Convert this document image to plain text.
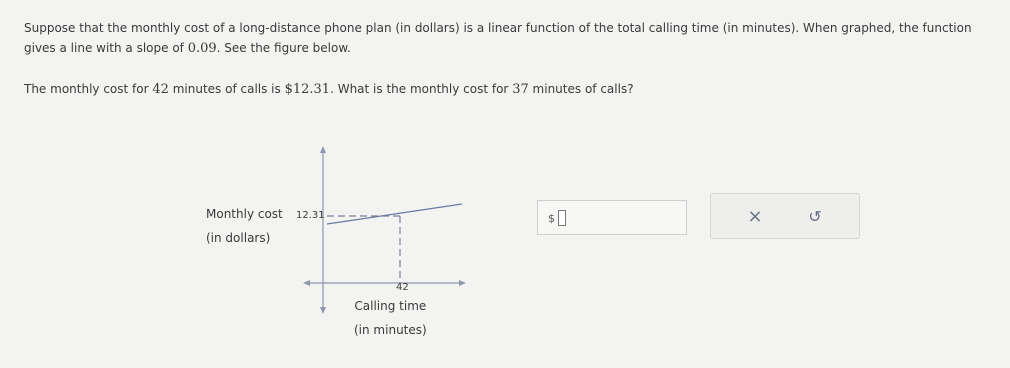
Suppose that the monthly cost of a long-distance phone plan (in dollars) is a linear function of the total calling time (in minutes). When graphed, the function

gives a line with a slope of 0.09. See the figure below.

The monthly cost for 42 minutes of calls is $12.31. What is the monthly cost for 37 minutes of calls?
Monthly cost
(in dollars)
12.31
42
Calling time
(in minutes)
$	×	↺
